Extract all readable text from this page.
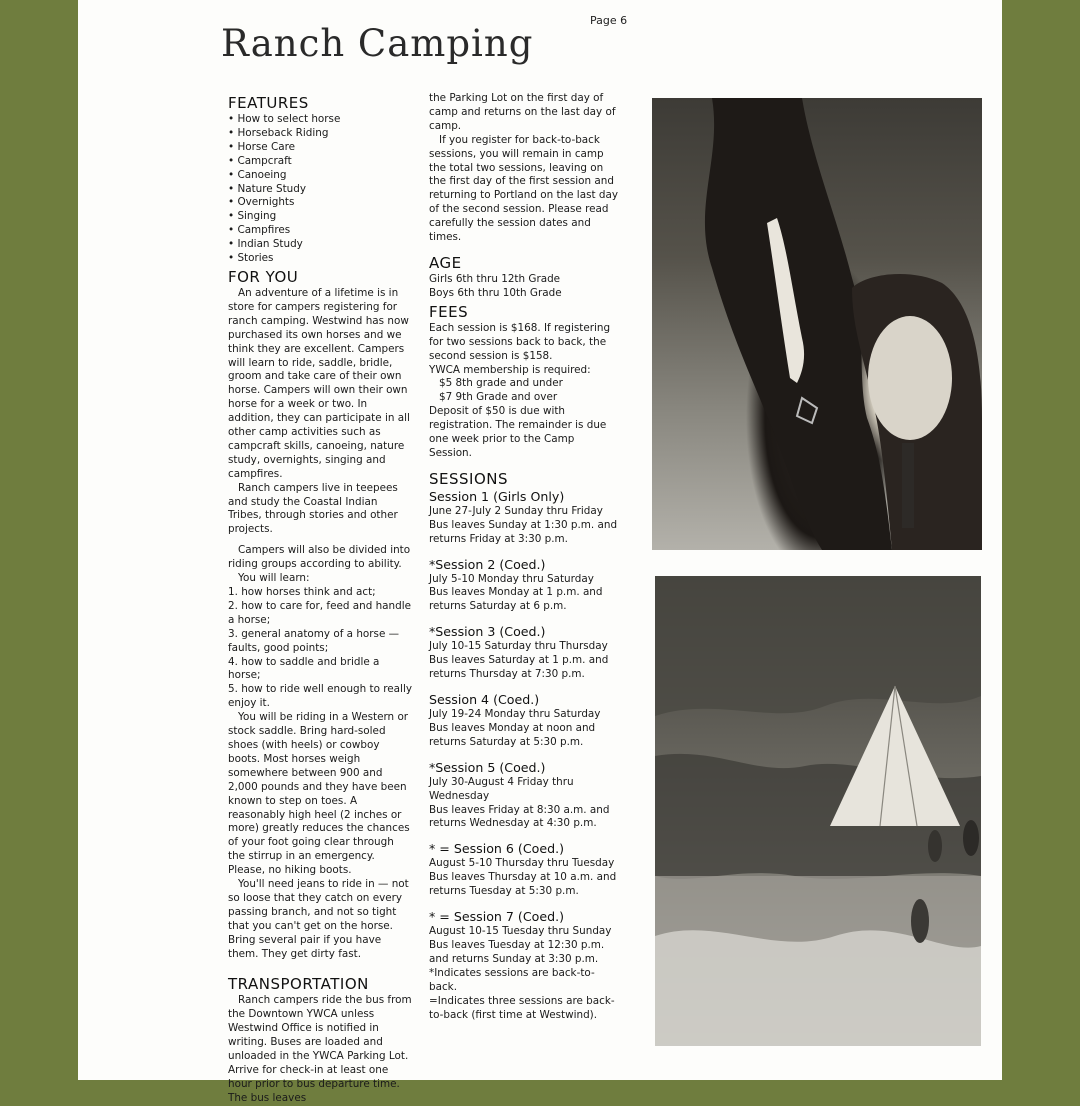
Page 6
Ranch Camping
FEATURES
• How to select horse
• Horseback Riding
• Horse Care
• Campcraft
• Canoeing
• Nature Study
• Overnights
• Singing
• Campfires
• Indian Study
• Stories
FOR YOU

An adventure of a lifetime is in store for campers registering for ranch camping. Westwind has now purchased its own horses and we think they are excellent. Campers will learn to ride, saddle, bridle, groom and take care of their own horse. Campers will own their own horse for a week or two. In addition, they can participate in all other camp activities such as campcraft skills, canoeing, nature study, overnights, singing and campfires.

Ranch campers live in teepees and study the Coastal Indian Tribes, through stories and other projects.

Campers will also be divided into riding groups according to ability.

You will learn:

1. how horses think and act;
2. how to care for, feed and handle a horse;
3. general anatomy of a horse — faults, good points;
4. how to saddle and bridle a horse;
5. how to ride well enough to really enjoy it.

You will be riding in a Western or stock saddle. Bring hard-soled shoes (with heels) or cowboy boots. Most horses weigh somewhere between 900 and 2,000 pounds and they have been known to step on toes. A reasonably high heel (2 inches or more) greatly reduces the chances of your foot going clear through the stirrup in an emergency. Please, no hiking boots.

You'll need jeans to ride in — not so loose that they catch on every passing branch, and not so tight that you can't get on the horse. Bring several pair if you have them. They get dirty fast.

TRANSPORTATION

Ranch campers ride the bus from the Downtown YWCA unless Westwind Office is notified in writing. Buses are loaded and unloaded in the YWCA Parking Lot. Arrive for check-in at least one hour prior to bus departure time. The bus leaves

the Parking Lot on the first day of camp and returns on the last day of camp.

If you register for back-to-back sessions, you will remain in camp the total two sessions, leaving on the first day of the first session and returning to Portland on the last day of the second session. Please read carefully the session dates and times.

AGE

Girls 6th thru 12th Grade

Boys 6th thru 10th Grade

FEES

Each session is $168. If registering for two sessions back to back, the second session is $158.

YWCA membership is required:

$5 8th grade and under

$7 9th Grade and over

Deposit of $50 is due with registration. The remainder is due one week prior to the Camp Session.

SESSIONS
Session 1 (Girls Only)

June 27-July 2 Sunday thru Friday

Bus leaves Sunday at 1:30 p.m. and returns Friday at 3:30 p.m.

*Session 2 (Coed.)

July 5-10 Monday thru Saturday

Bus leaves Monday at 1 p.m. and returns Saturday at 6 p.m.

*Session 3 (Coed.)

July 10-15 Saturday thru Thursday

Bus leaves Saturday at 1 p.m. and returns Thursday at 7:30 p.m.

Session 4 (Coed.)

July 19-24 Monday thru Saturday

Bus leaves Monday at noon and returns Saturday at 5:30 p.m.

*Session 5 (Coed.)

July 30-August 4 Friday thru Wednesday

Bus leaves Friday at 8:30 a.m. and returns Wednesday at 4:30 p.m.

* = Session 6 (Coed.)

August 5-10 Thursday thru Tuesday

Bus leaves Thursday at 10 a.m. and returns Tuesday at 5:30 p.m.

* = Session 7 (Coed.)

August 10-15 Tuesday thru Sunday

Bus leaves Tuesday at 12:30 p.m. and returns Sunday at 3:30 p.m.

*Indicates sessions are back-to-back.

=Indicates three sessions are back-to-back (first time at Westwind).
